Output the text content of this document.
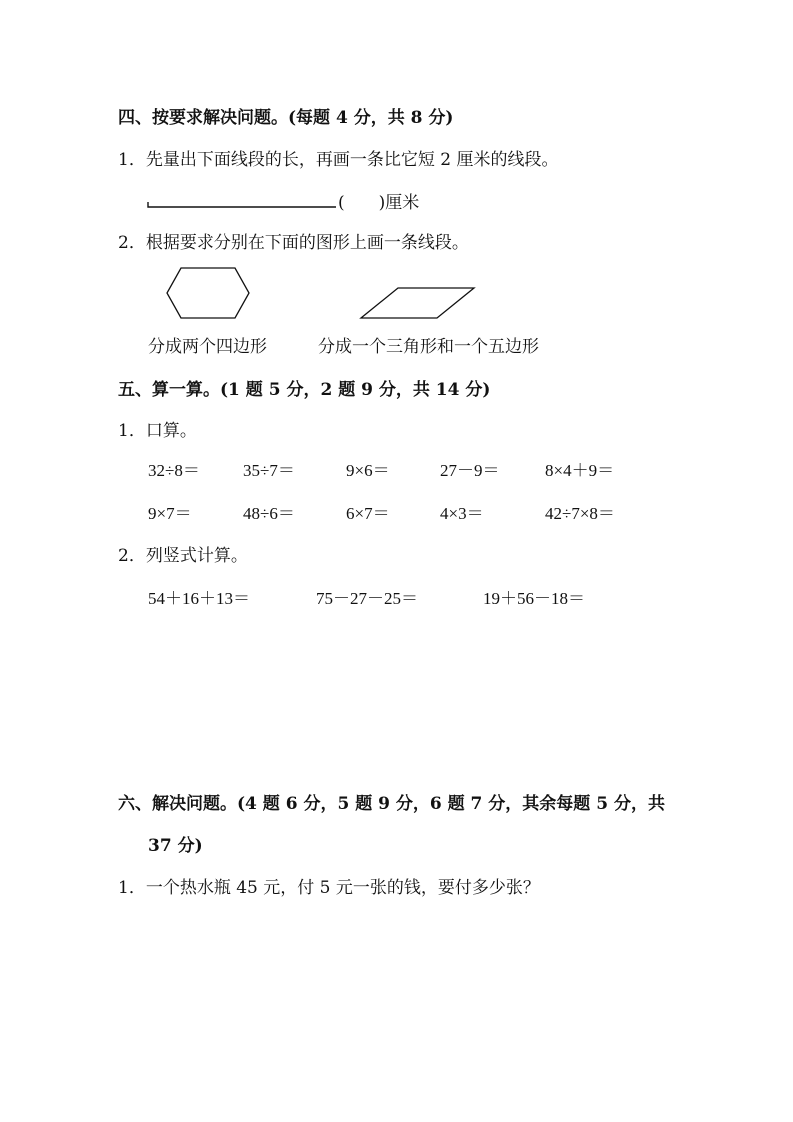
四、按要求解决问题。(每题 4 分，共 8 分)
1．先量出下面线段的长，再画一条比它短 2 厘米的线段。
(　　)厘米
2．根据要求分别在下面的图形上画一条线段。
分成两个四边形	分成一个三角形和一个五边形
五、算一算。(1 题 5 分，2 题 9 分，共 14 分)
1．口算。
32÷8＝	35÷7＝	9×6＝	27－9＝	8×4＋9＝
9×7＝	48÷6＝	6×7＝	4×3＝	42÷7×8＝
2．列竖式计算。
54＋16＋13＝	75－27－25＝	19＋56－18＝
六、解决问题。(4 题 6 分，5 题 9 分，6 题 7 分，其余每题 5 分，共
37 分)
1．一个热水瓶 45 元，付 5 元一张的钱，要付多少张？
